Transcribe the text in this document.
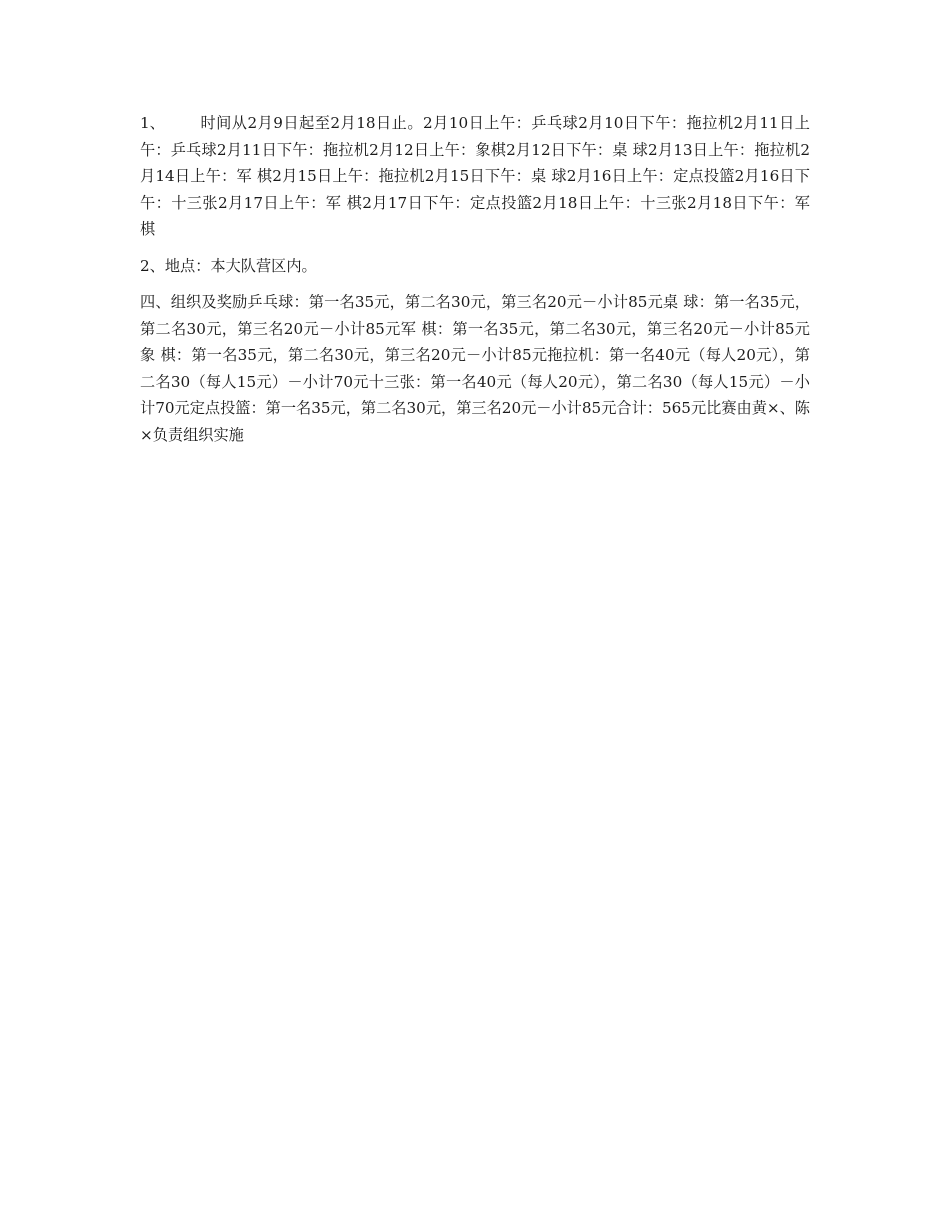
1、 时间从2月9日起至2月18日止。2月10日上午：乒乓球2月10日下午：拖拉机2月11日上午：乒乓球2月11日下午：拖拉机2月12日上午：象棋2月12日下午：桌 球2月13日上午：拖拉机2月14日上午：军 棋2月15日上午：拖拉机2月15日下午：桌 球2月16日上午：定点投篮2月16日下午：十三张2月17日上午：军 棋2月17日下午：定点投篮2月18日上午：十三张2月18日下午：军 棋

2、地点：本大队营区内。

四、组织及奖励乒乓球：第一名35元，第二名30元，第三名20元－小计85元桌 球：第一名35元，第二名30元，第三名20元－小计85元军 棋：第一名35元，第二名30元，第三名20元－小计85元象 棋：第一名35元，第二名30元，第三名20元－小计85元拖拉机：第一名40元（每人20元），第二名30（每人15元）－小计70元十三张：第一名40元（每人20元），第二名30（每人15元）－小计70元定点投篮：第一名35元，第二名30元，第三名20元－小计85元合计：565元比赛由黄×、陈×负责组织实施
